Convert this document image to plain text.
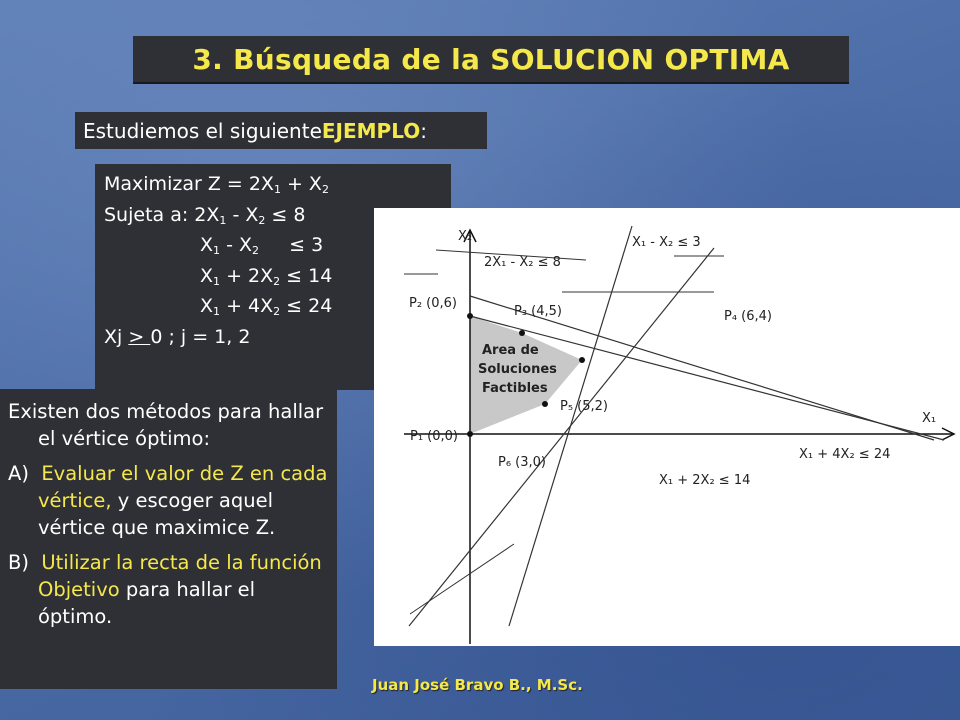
3. Búsqueda de la SOLUCION OPTIMA
Estudiemos el siguiente EJEMPLO :
Maximizar $Z = 2X_1 + X_2$
Sujeta a: $2X_1 - X_2 \le 8$
$X_1 - X_2$     ≤ 3
$X_1 + 2X_2 \le 14$
$X_1 + 4X_2 \le 24$
Xj > 0 ; j = 1, 2

Existen dos métodos para hallar el vértice óptimo:

A)  Evaluar el valor de Z en cada vértice, y escoger aquel vértice que maximice Z.

B)  Utilizar la recta de la función Objetivo para hallar el óptimo.

X₂
X₁
2X₁ - X₂ ≤ 8
X₁ - X₂ ≤ 3
P₂ (0,6)
P₃ (4,5)	P₄ (6,4)
P₅ (5,2)
P₁ (0,0)
P₆ (3,0)
X₁ + 4X₂ ≤ 24
X₁ + 2X₂ ≤ 14
Area de
Soluciones
Factibles
Juan José Bravo B., M.Sc.
